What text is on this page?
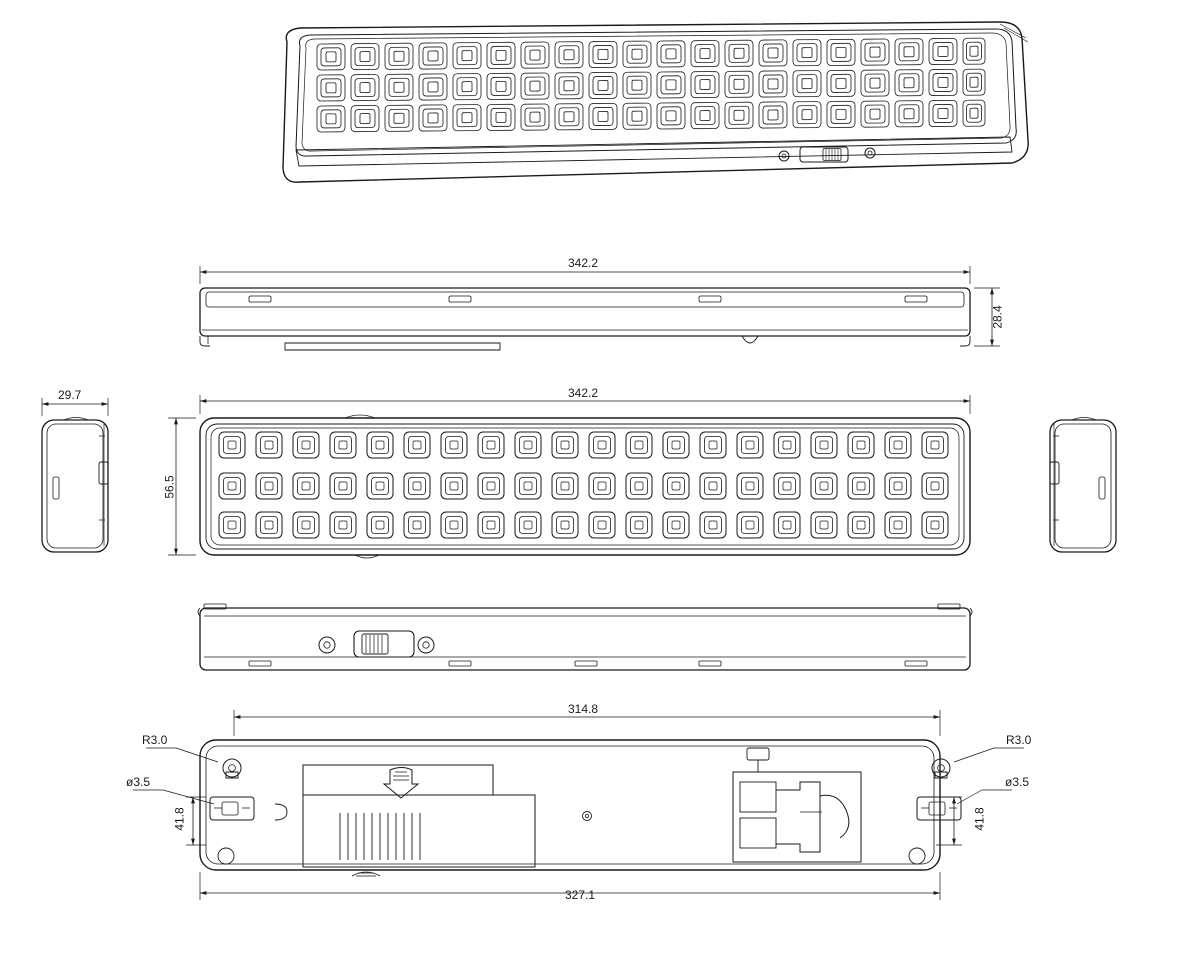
342.2
28.4
342.2
56.5
29.7
314.8
327.1
41.8	41.8
R3.0	R3.0
ø3.5	ø3.5
